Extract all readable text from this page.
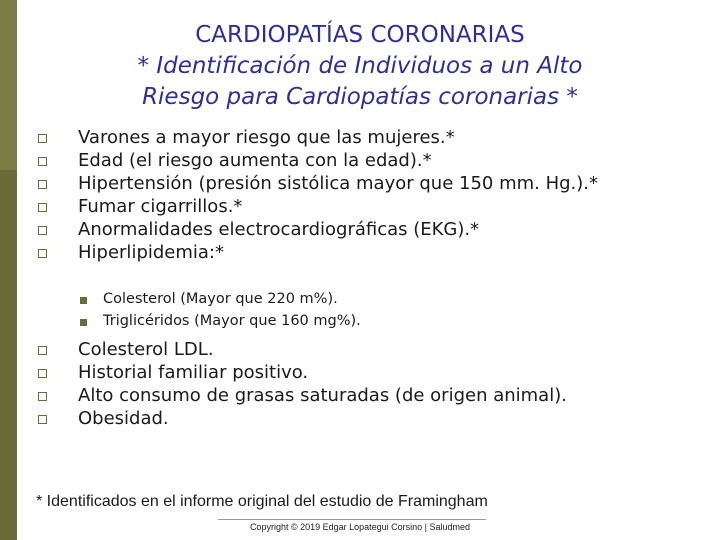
CARDIOPATÍAS CORONARIAS
* Identificación de Individuos a un Alto
Riesgo para Cardiopatías coronarias *
Varones a mayor riesgo que las mujeres.*
Edad (el riesgo aumenta con la edad).*
Hipertensión (presión sistólica mayor que 150 mm. Hg.).*
Fumar cigarrillos.*
Anormalidades electrocardiográficas (EKG).*
Hiperlipidemia:*
Colesterol (Mayor que 220 m%).
Triglicéridos (Mayor que 160 mg%).
Colesterol LDL.
Historial familiar positivo.
Alto consumo de grasas saturadas (de origen animal).
Obesidad.
* Identificados en el informe original del estudio de Framingham
Copyright © 2019 Edgar Lopategui Corsino | Saludmed
